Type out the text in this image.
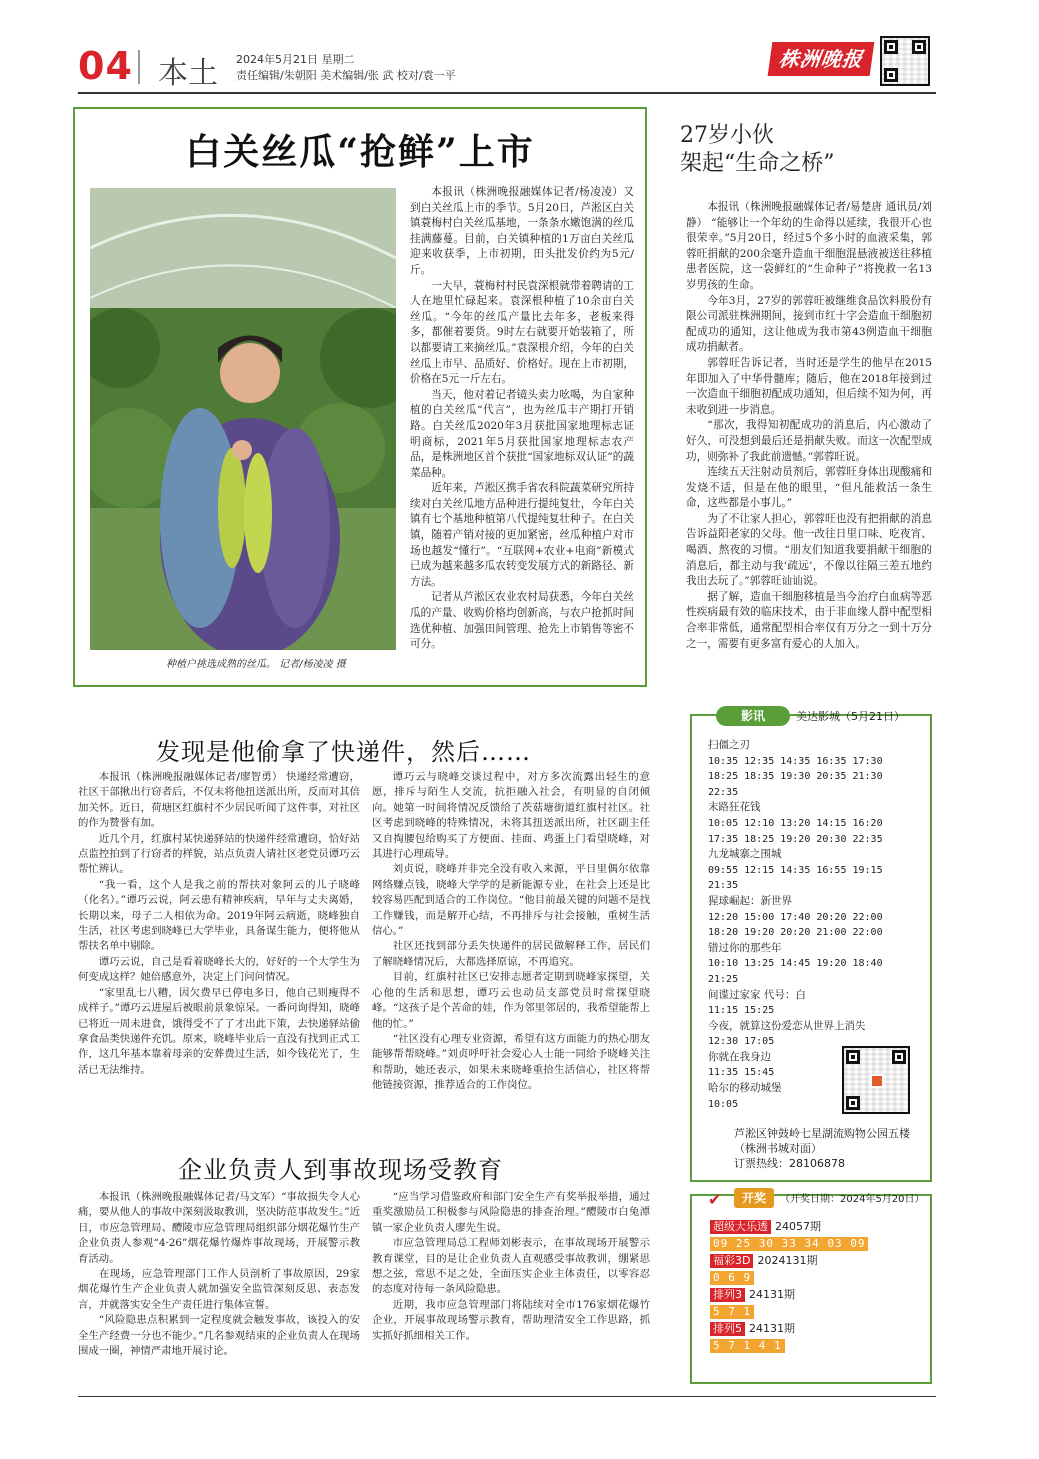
04 本土 2024年5月21日 星期二
责任编辑/朱朝阳 美术编辑/张 武 校对/袁一平
株洲晚报
白关丝瓜“抢鲜”上市
种植户挑选成熟的丝瓜。 记者/杨凌凌 摄

本报讯（株洲晚报融媒体记者/杨凌凌）又到白关丝瓜上市的季节。5月20日，芦淞区白关镇蓑梅村白关丝瓜基地，一条条水嫩饱满的丝瓜挂满藤蔓。目前，白关镇种植的1万亩白关丝瓜迎来收获季，上市初期，田头批发价约为5元/斤。

一大早，蓑梅村村民袁深根就带着聘请的工人在地里忙碌起来。袁深根种植了10余亩白关丝瓜。“今年的丝瓜产量比去年多，老板来得多，都催着要货。9时左右就要开始装箱了，所以都要请工来摘丝瓜。”袁深根介绍，今年的白关丝瓜上市早、品质好、价格好。现在上市初期，价格在5元一斤左右。

当天，他对着记者镜头卖力吆喝，为自家种植的白关丝瓜“代言”，也为丝瓜丰产期打开销路。白关丝瓜2020年3月获批国家地理标志证明商标，2021年5月获批国家地理标志农产品，是株洲地区首个获批“国家地标双认证”的蔬菜品种。

近年来，芦淞区携手省农科院蔬菜研究所持续对白关丝瓜地方品种进行提纯复壮，今年白关镇有七个基地种植第八代提纯复壮种子。在白关镇，随着产销对接的更加紧密，丝瓜种植户对市场也越发“懂行”。“互联网+农业+电商”新模式已成为越来越多瓜农转变发展方式的新路径、新方法。

记者从芦淞区农业农村局获悉，今年白关丝瓜的产量、收购价格均创新高，与农户抢抓时间选优种植、加强田间管理、抢先上市销售等密不可分。

27岁小伙
架起“生命之桥”

本报讯（株洲晚报融媒体记者/易楚唐 通讯员/刘静） “能够让一个年幼的生命得以延续，我很开心也很荣幸。”5月20日，经过5个多小时的血液采集，郭蓉旺捐献的200余毫升造血干细胞混悬液被送往移植患者医院，这一袋鲜红的“生命种子”将挽救一名13岁男孩的生命。

今年3月，27岁的郭蓉旺被继维食品饮料股份有限公司派驻株洲期间，接到市红十字会造血干细胞初配成功的通知，这让他成为我市第43例造血干细胞成功捐献者。

郭蓉旺告诉记者，当时还是学生的他早在2015年即加入了中华骨髓库；随后，他在2018年接到过一次造血干细胞初配成功通知，但后续不知为何，再未收到进一步消息。

“那次，我得知初配成功的消息后，内心激动了好久，可没想到最后还是捐献失败。而这一次配型成功，则弥补了我此前遗憾。”郭蓉旺说。

连续五天注射动员剂后，郭蓉旺身体出现酸痛和发烧不适，但是在他的眼里，“但凡能救活一条生命，这些都是小事儿。”

为了不让家人担心，郭蓉旺也没有把捐献的消息告诉益阳老家的父母。他一改往日里口味、吃夜宵、喝酒、熬夜的习惯。“朋友们知道我要捐献干细胞的消息后，都主动与我‘疏远’，不像以往隔三差五地约我出去玩了。”郭蓉旺讪讪说。

据了解，造血干细胞移植是当今治疗白血病等恶性疾病最有效的临床技术，由于非血缘人群中配型相合率非常低，通常配型相合率仅有万分之一到十万分之一，需要有更多富有爱心的人加入。

发现是他偷拿了快递件，然后……

本报讯（株洲晚报融媒体记者/廖智勇） 快递经常遭窃，社区干部揪出行窃者后，不仅未将他扭送派出所，反而对其倍加关怀。近日，荷塘区红旗村不少居民听闻了这件事，对社区的作为赞誉有加。

近几个月，红旗村某快递驿站的快递件经常遭窃，恰好站点监控拍到了行窃者的样貌，站点负责人请社区老党员谭巧云帮忙辨认。

“我一看，这个人是我之前的帮扶对象阿云的儿子晓峰（化名）。”谭巧云说，阿云患有精神疾病，早年与丈夫离婚，长期以来，母子二人相依为命。2019年阿云病逝，晓峰独自生活，社区考虑到晓峰已大学毕业，具备谋生能力，便将他从帮扶名单中剔除。

谭巧云说，自己是看着晓峰长大的，好好的一个大学生为何变成这样？她倍感意外，决定上门问问情况。

“家里乱七八糟，因欠费早已停电多日，他自己则瘦得不成样子。”谭巧云进屋后被眼前景象惊呆。一番问询得知，晓峰已将近一周未进食，饿得受不了了才出此下策，去快递驿站偷拿食品类快递件充饥。原来，晓峰毕业后一直没有找到正式工作，这几年基本靠着母亲的安葬费过生活，如今钱花光了，生活已无法维持。

谭巧云与晓峰交谈过程中，对方多次流露出轻生的意愿，排斥与陌生人交流，抗拒融入社会，有明显的自闭倾向。她第一时间将情况反馈给了茨菇塘街道红旗村社区。社区考虑到晓峰的特殊情况，未将其扭送派出所，社区副主任又自掏腰包给购买了方便面、挂面、鸡蛋上门看望晓峰，对其进行心理疏导。

刘贞说，晓峰并非完全没有收入来源，平日里偶尔依靠网络赚点钱，晓峰大学学的是新能源专业，在社会上还是比较容易匹配到适合的工作岗位。“他目前最关键的问题不是找工作赚钱，而是解开心结，不再排斥与社会接触，重树生活信心。”

社区还找到部分丢失快递件的居民做解释工作，居民们了解晓峰情况后，大都选择原谅，不再追究。

目前，红旗村社区已安排志愿者定期到晓峰家探望，关心他的生活和思想，谭巧云也动员支部党员时常探望晓峰。“这孩子是个苦命的娃，作为邻里邻居的，我希望能帮上他的忙。”

“社区没有心理专业资源，希望有这方面能力的热心朋友能够帮帮晓峰。”刘贞呼吁社会爱心人士能一同给予晓峰关注和帮助，她还表示，如果未来晓峰重拾生活信心，社区将帮他链接资源，推荐适合的工作岗位。

企业负责人到事故现场受教育

本报讯（株洲晚报融媒体记者/马文军）“事故损失令人心痛，要从他人的事故中深刻汲取教训，坚决防范事故发生。”近日，市应急管理局、醴陵市应急管理局组织部分烟花爆竹生产企业负责人参观“4·26”烟花爆竹爆炸事故现场，开展警示教育活动。

在现场，应急管理部门工作人员剖析了事故原因，29家烟花爆竹生产企业负责人就加强安全监管深刻反思、表态发言，并就落实安全生产责任进行集体宣誓。

“风险隐患点积累到一定程度就会触发事故，该投入的安全生产经费一分也不能少。”几名参观结束的企业负责人在现场围成一圈，神情严肃地开展讨论。

“应当学习借鉴政府和部门安全生产有奖举报举措，通过重奖激励员工积极参与风险隐患的排查治理。”醴陵市白兔潭镇一家企业负责人廖先生说。

市应急管理局总工程师刘彬表示，在事故现场开展警示教育课堂，目的是让企业负责人直观感受事故教训，绷紧思想之弦，常思不足之处，全面压实企业主体责任，以零容忍的态度对待每一条风险隐患。

近期，我市应急管理部门将陆续对全市176家烟花爆竹企业，开展事故现场警示教育，帮助理清安全工作思路，抓实抓好抓细相关工作。

影讯	美达影城（5月21日）
扫僵之刃
10:35 12:35 14:35 16:35 17:30
18:25 18:35 19:30 20:35 21:30
22:35
末路狂花钱
10:05 12:10 13:20 14:15 16:20
17:35 18:25 19:20 20:30 22:35
九龙城寨之围城
09:55 12:15 14:35 16:55 19:15
21:35
猩球崛起：新世界
12:20 15:00 17:40 20:20 22:00
18:20 19:20 20:20 21:00 22:00
错过你的那些年
10:10 13:25 14:45 19:20 18:40
21:25
间谍过家家 代号：白
11:15 15:25
今夜，就算这份爱恋从世界上消失
12:30 17:05
你就在我身边
11:35 15:45
哈尔的移动城堡
10:05
芦淞区钟鼓岭七星湖流购物公园五楼（株洲书城对面）
订票热线：28106878
✔	开奖	（开奖日期：2024年5月20日）
超级大乐透 24057期
09 25 30 33 34 03 09
福彩3D 2024131期
0 6 9
排列3 24131期
5 7 1
排列5 24131期
5 7 1 4 1
